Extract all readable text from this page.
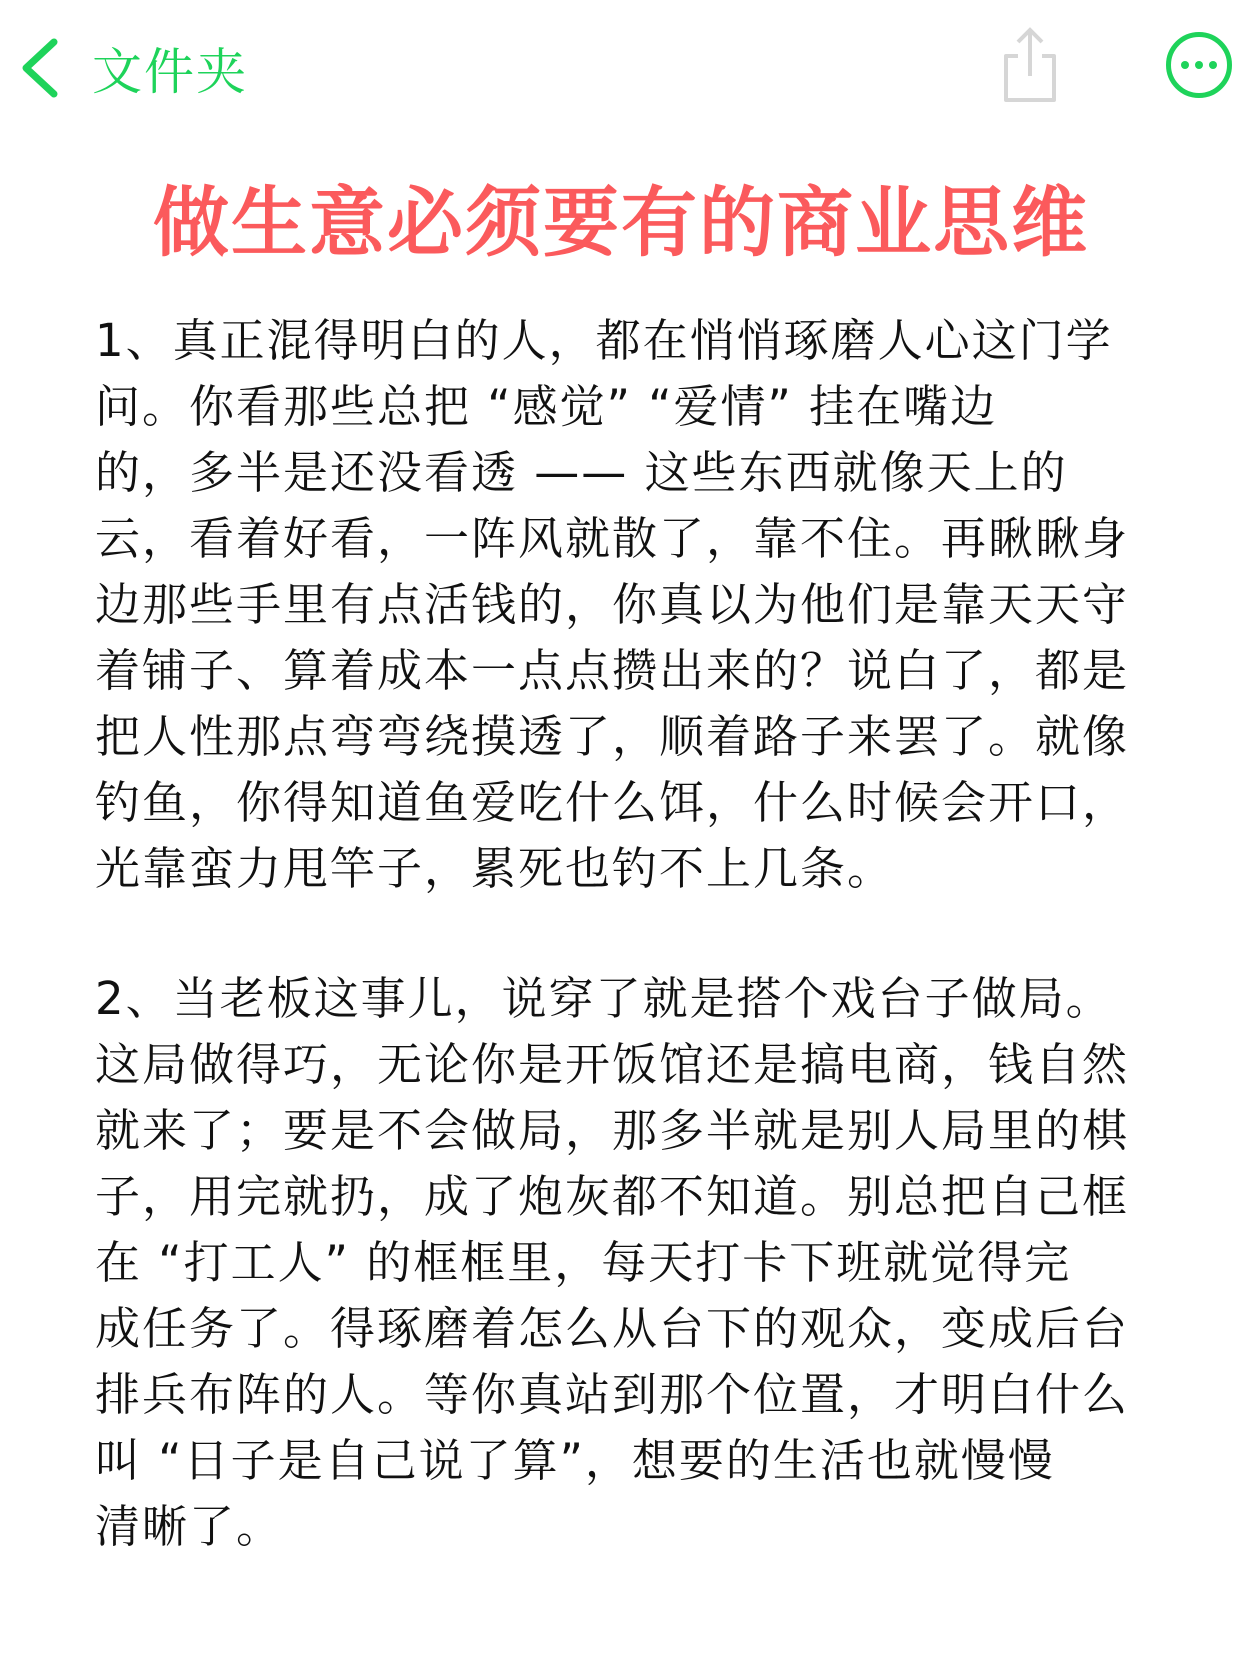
文件夹
做生意必须要有的商业思维
1、真正混得明白的人，都在悄悄琢磨人心这门学
问。你看那些总把 “感觉” “爱情” 挂在嘴边
的，多半是还没看透 —— 这些东西就像天上的
云，看着好看，一阵风就散了，靠不住。再瞅瞅身
边那些手里有点活钱的，你真以为他们是靠天天守
着铺子、算着成本一点点攒出来的？说白了，都是
把人性那点弯弯绕摸透了，顺着路子来罢了。就像
钓鱼，你得知道鱼爱吃什么饵，什么时候会开口，
光靠蛮力甩竿子，累死也钓不上几条。
2、当老板这事儿，说穿了就是搭个戏台子做局。
这局做得巧，无论你是开饭馆还是搞电商，钱自然
就来了；要是不会做局，那多半就是别人局里的棋
子，用完就扔，成了炮灰都不知道。别总把自己框
在 “打工人” 的框框里，每天打卡下班就觉得完
成任务了。得琢磨着怎么从台下的观众，变成后台
排兵布阵的人。等你真站到那个位置，才明白什么
叫 “日子是自己说了算”，想要的生活也就慢慢
清晰了。
